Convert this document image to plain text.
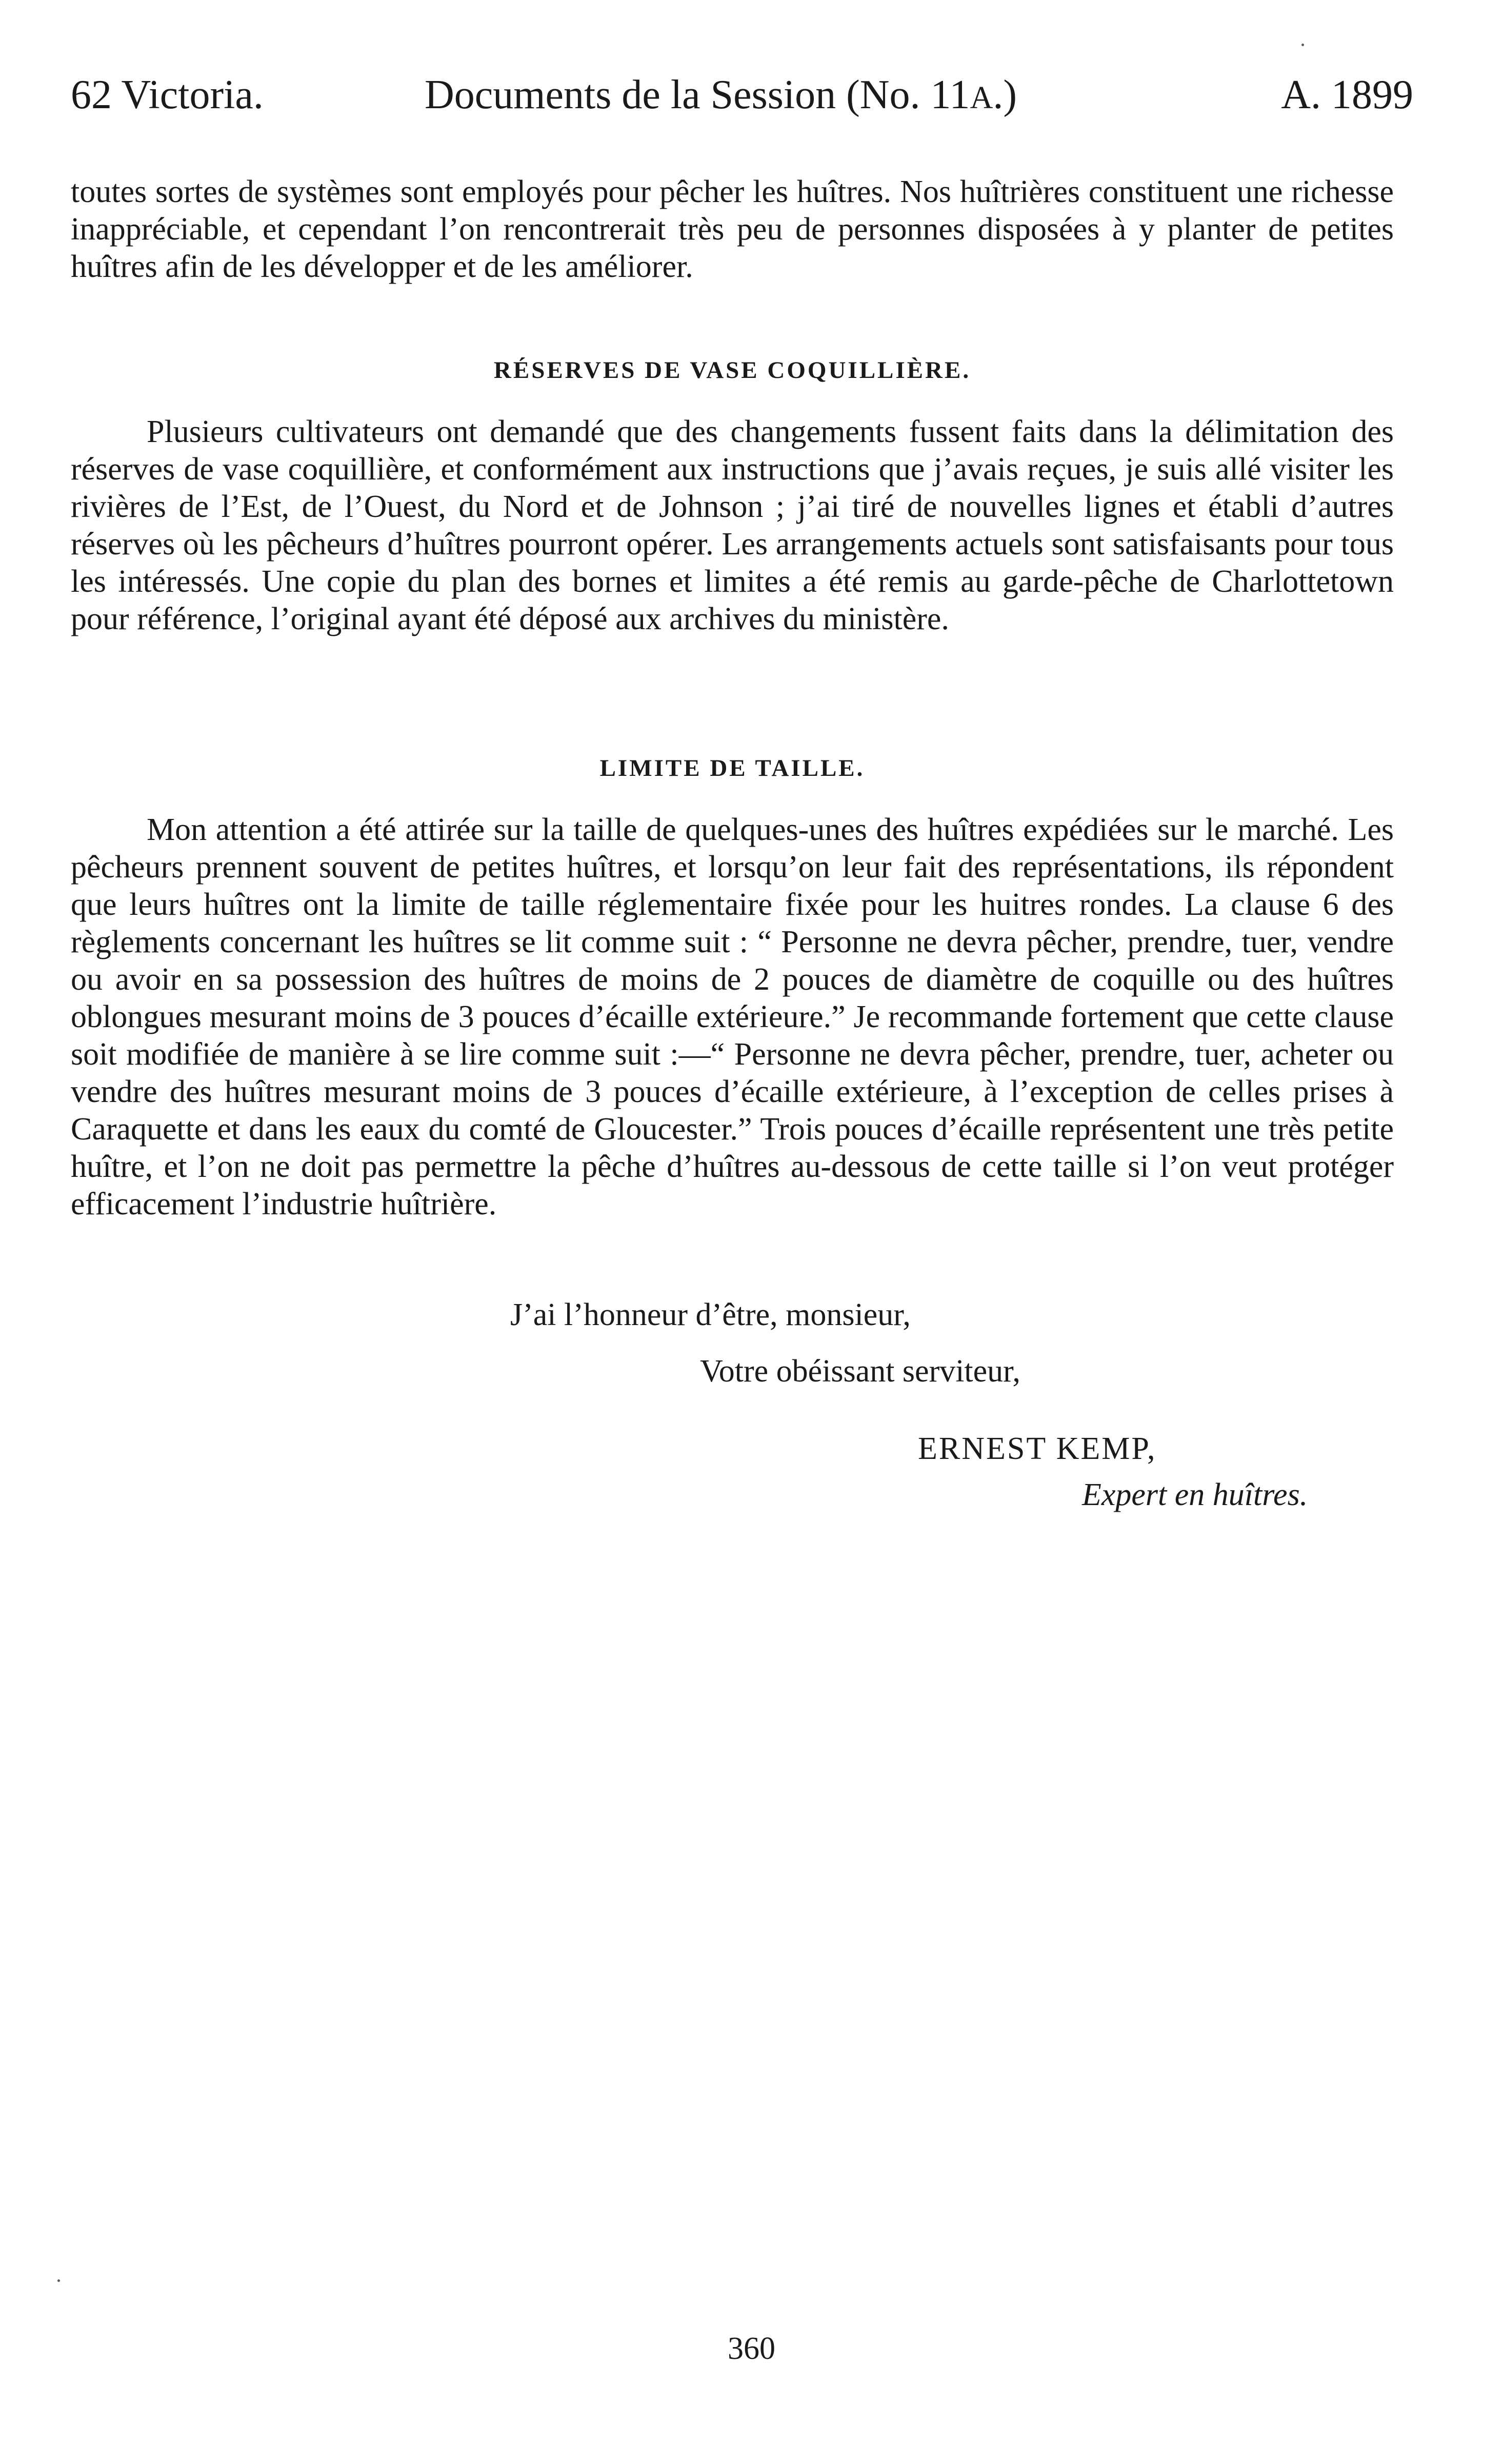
62 Victoria.	Documents de la Session (No. 11A.)	A. 1899

toutes sortes de systèmes sont employés pour pêcher les huîtres. Nos huîtrières constituent une richesse inappréciable, et cependant l’on rencontrerait très peu de personnes disposées à y planter de petites huîtres afin de les développer et de les améliorer.

RÉSERVES DE VASE COQUILLIÈRE.

Plusieurs cultivateurs ont demandé que des changements fussent faits dans la délimitation des réserves de vase coquillière, et conformément aux instructions que j’avais reçues, je suis allé visiter les rivières de l’Est, de l’Ouest, du Nord et de Johnson ; j’ai tiré de nouvelles lignes et établi d’autres réserves où les pêcheurs d’huîtres pourront opérer. Les arrangements actuels sont satisfaisants pour tous les intéressés. Une copie du plan des bornes et limites a été remis au garde-pêche de Charlottetown pour référence, l’original ayant été déposé aux archives du ministère.

LIMITE DE TAILLE.

Mon attention a été attirée sur la taille de quelques-unes des huîtres expédiées sur le marché. Les pêcheurs prennent souvent de petites huîtres, et lorsqu’on leur fait des représentations, ils répondent que leurs huîtres ont la limite de taille réglementaire fixée pour les huitres rondes. La clause 6 des règlements concernant les huîtres se lit comme suit : “ Personne ne devra pêcher, prendre, tuer, vendre ou avoir en sa possession des huîtres de moins de 2 pouces de diamètre de coquille ou des huîtres oblongues mesurant moins de 3 pouces d’écaille extérieure.” Je recommande fortement que cette clause soit modifiée de manière à se lire comme suit :—“ Personne ne devra pêcher, prendre, tuer, acheter ou vendre des huîtres mesurant moins de 3 pouces d’écaille extérieure, à l’exception de celles prises à Caraquette et dans les eaux du comté de Gloucester.” Trois pouces d’écaille représentent une très petite huître, et l’on ne doit pas permettre la pêche d’huîtres au-dessous de cette taille si l’on veut protéger efficacement l’industrie huîtrière.

J’ai l’honneur d’être, monsieur,
Votre obéissant serviteur,
ERNEST KEMP,
Expert en huîtres.
360
